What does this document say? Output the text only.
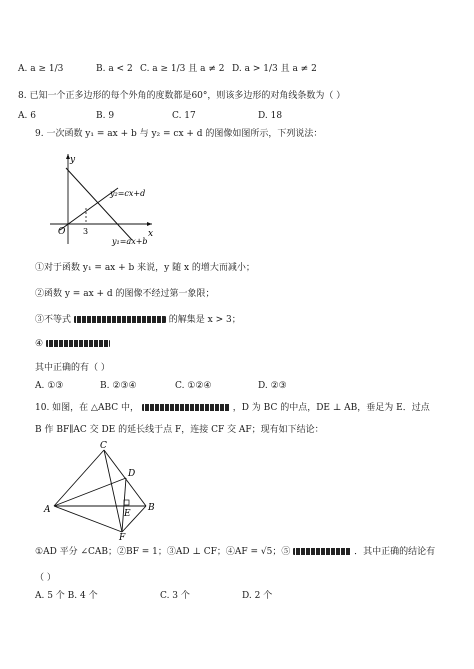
A. a ≥ 1/3	B. a < 2 C. a ≥ 1/3 且 a ≠ 2 D. a > 1/3 且 a ≠ 2
8. 已知一个正多边形的每个外角的度数都是60°，则该多边形的对角线条数为（ ）
A. 6	B. 9	C. 17	D. 18
9. 一次函数 y₁ = ax + b 与 y₂ = cx + d 的图像如图所示，下列说法：
y
x
O 3
y₂=cx+d
y₁=ax+b
①对于函数 y₁ = ax + b 来说，y 随 x 的增大而减小；
②函数 y = ax + d 的图像不经过第一象限；
③不等式	的解集是 x > 3；
④
其中正确的有（ ）
A. ①③	B. ②③④	C. ①②④	D. ②③
10. 如图，在 △ABC 中，	，D 为 BC 的中点，DE ⊥ AB，垂足为 E．过点
B 作 BF∥AC 交 DE 的延长线于点 F，连接 CF 交 AF；现有如下结论：
C
D
A	E
B
F
①AD 平分 ∠CAB；②BF = 1；③AD ⊥ CF；④AF = √5；⑤	．其中正确的结论有
（ ）
A. 5 个 B. 4 个	C. 3 个	D. 2 个
